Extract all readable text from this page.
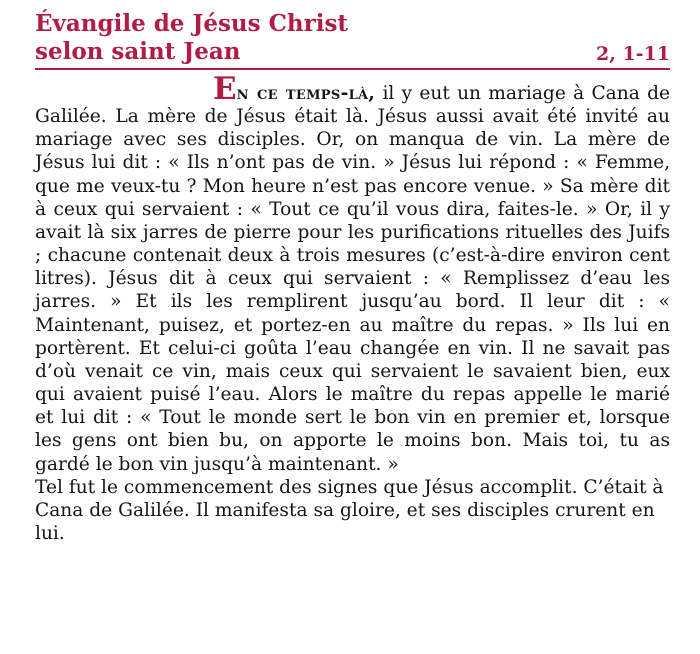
Évangile de Jésus Christ
selon saint Jean	2, 1-11

En ce temps-là, il y eut un mariage à Cana de Galilée. La mère de Jésus était là. Jésus aussi avait été invité au mariage avec ses disciples. Or, on manqua de vin. La mère de Jésus lui dit : « Ils n’ont pas de vin. » Jésus lui répond : « Femme, que me veux-tu ? Mon heure n’est pas encore venue. » Sa mère dit à ceux qui servaient : « Tout ce qu’il vous dira, faites-le. » Or, il y avait là six jarres de pierre pour les purifications rituelles des Juifs ; chacune contenait deux à trois mesures (c’est-à-dire environ cent litres). Jésus dit à ceux qui servaient : « Remplissez d’eau les jarres. » Et ils les remplirent jusqu’au bord. Il leur dit : « Maintenant, puisez, et portez-en au maître du repas. » Ils lui en portèrent. Et celui-ci goûta l’eau changée en vin. Il ne savait pas d’où venait ce vin, mais ceux qui servaient le savaient bien, eux qui avaient puisé l’eau. Alors le maître du repas appelle le marié et lui dit : « Tout le monde sert le bon vin en premier et, lorsque les gens ont bien bu, on apporte le moins bon. Mais toi, tu as gardé le bon vin jusqu’à maintenant. »

Tel fut le commencement des signes que Jésus accomplit. C’était à Cana de Galilée. Il manifesta sa gloire, et ses disciples crurent en lui.
